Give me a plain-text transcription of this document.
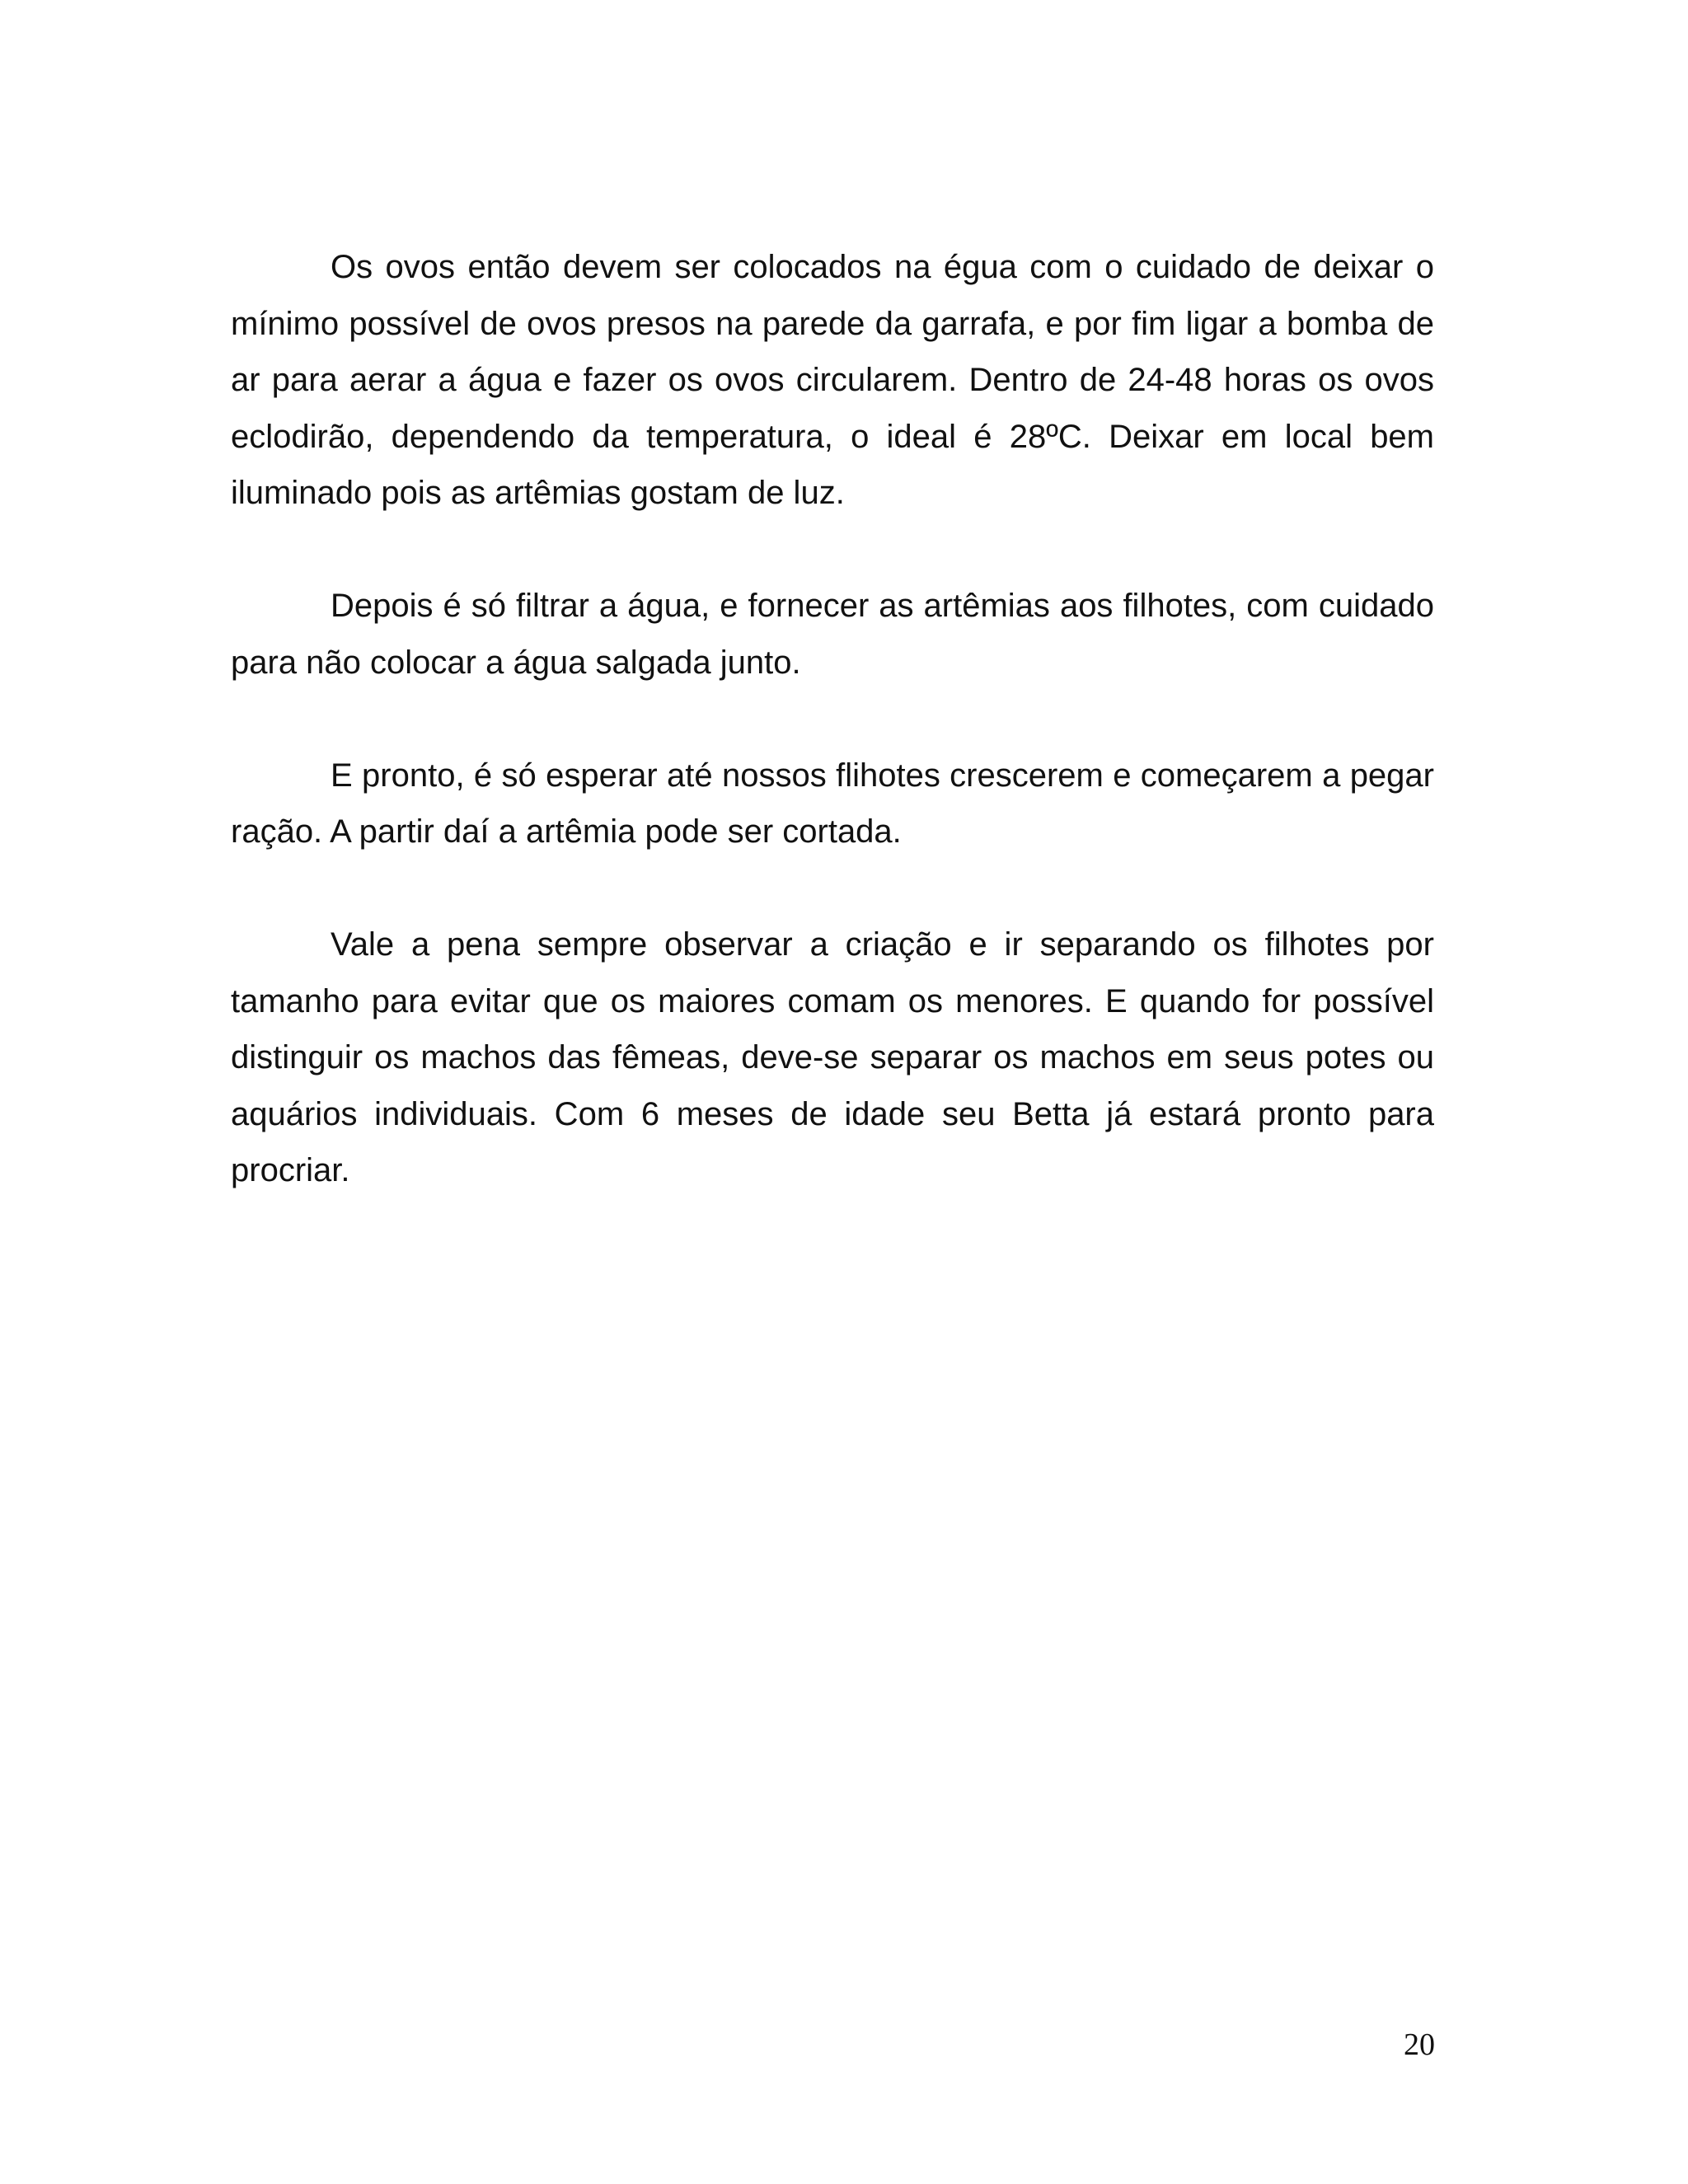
Os ovos então devem ser colocados na égua com o cuidado de deixar o mínimo possível de ovos presos na parede da garrafa, e por fim ligar a bomba de ar para aerar a água e fazer os ovos circularem. Dentro de 24-48 horas os ovos eclodirão, dependendo da temperatura, o ideal é 28ºC. Deixar em local bem iluminado pois as artêmias gostam de luz.

Depois é só filtrar a água, e fornecer as artêmias aos filhotes, com cuidado para não colocar a água salgada junto.

E pronto, é só esperar até nossos flihotes crescerem e começarem a pegar ração. A partir daí a artêmia pode ser cortada.

Vale a pena sempre observar a criação e ir separando os filhotes por tamanho para evitar que os maiores comam os menores. E quando for possível distinguir os machos das fêmeas, deve-se separar os machos em seus potes ou aquários individuais. Com 6 meses de idade seu Betta já estará pronto para procriar.

20
